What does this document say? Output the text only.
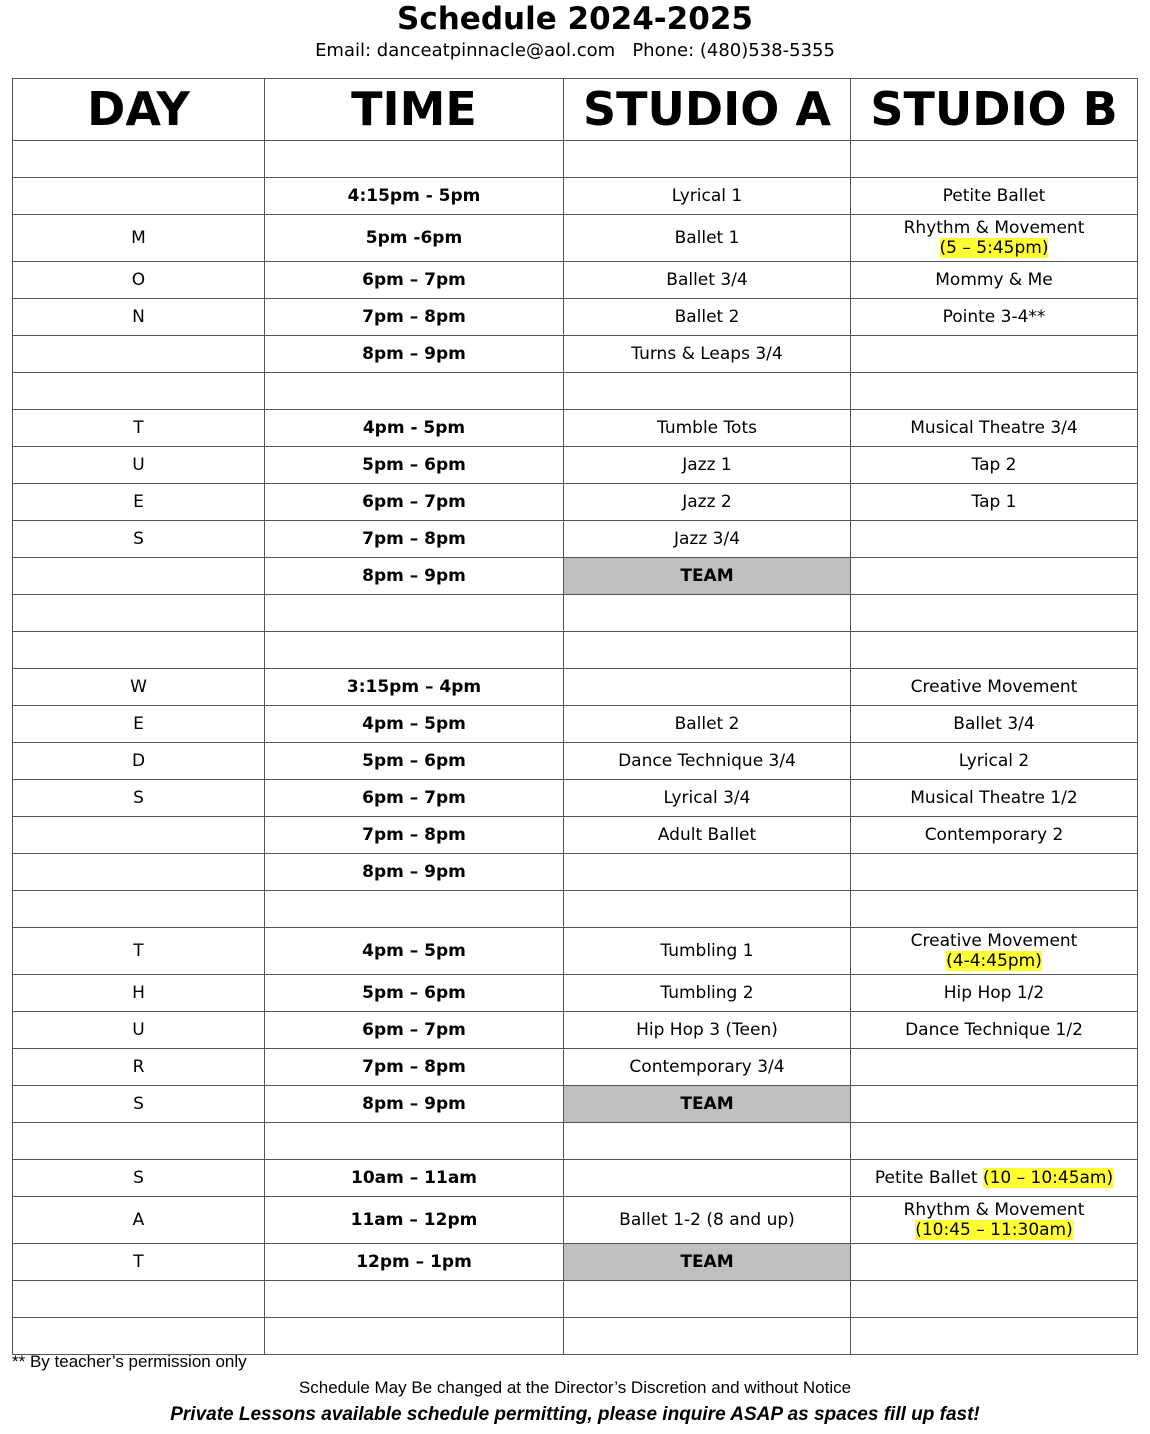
Schedule 2024-2025
Email: danceatpinnacle@aol.com   Phone: (480)538-5355
DAY	TIME	STUDIO A	STUDIO B

	4:15pm - 5pm	Lyrical 1	Petite Ballet
M	5pm -6pm	Ballet 1	Rhythm & Movement
(5 – 5:45pm)
O	6pm – 7pm	Ballet 3/4	Mommy & Me
N	7pm – 8pm	Ballet 2	Pointe 3-4**
	8pm – 9pm	Turns & Leaps 3/4	

T	4pm - 5pm	Tumble Tots	Musical Theatre 3/4
U	5pm – 6pm	Jazz 1	Tap 2
E	6pm – 7pm	Jazz 2	Tap 1
S	7pm – 8pm	Jazz 3/4	
	8pm – 9pm	TEAM	

W	3:15pm – 4pm		Creative Movement
E	4pm – 5pm	Ballet 2	Ballet 3/4
D	5pm – 6pm	Dance Technique 3/4	Lyrical 2
S	6pm – 7pm	Lyrical 3/4	Musical Theatre 1/2
	7pm – 8pm	Adult Ballet	Contemporary 2
	8pm – 9pm		

T	4pm – 5pm	Tumbling 1	Creative Movement
(4-4:45pm)
H	5pm – 6pm	Tumbling 2	Hip Hop 1/2
U	6pm – 7pm	Hip Hop 3 (Teen)	Dance Technique 1/2
R	7pm – 8pm	Contemporary 3/4	
S	8pm – 9pm	TEAM	

S	10am – 11am		Petite Ballet (10 – 10:45am)
A	11am – 12pm	Ballet 1-2 (8 and up)	Rhythm & Movement
(10:45 – 11:30am)
T	12pm – 1pm	TEAM	

** By teacher’s permission only
Schedule May Be changed at the Director’s Discretion and without Notice
Private Lessons available schedule permitting, please inquire ASAP as spaces fill up fast!
